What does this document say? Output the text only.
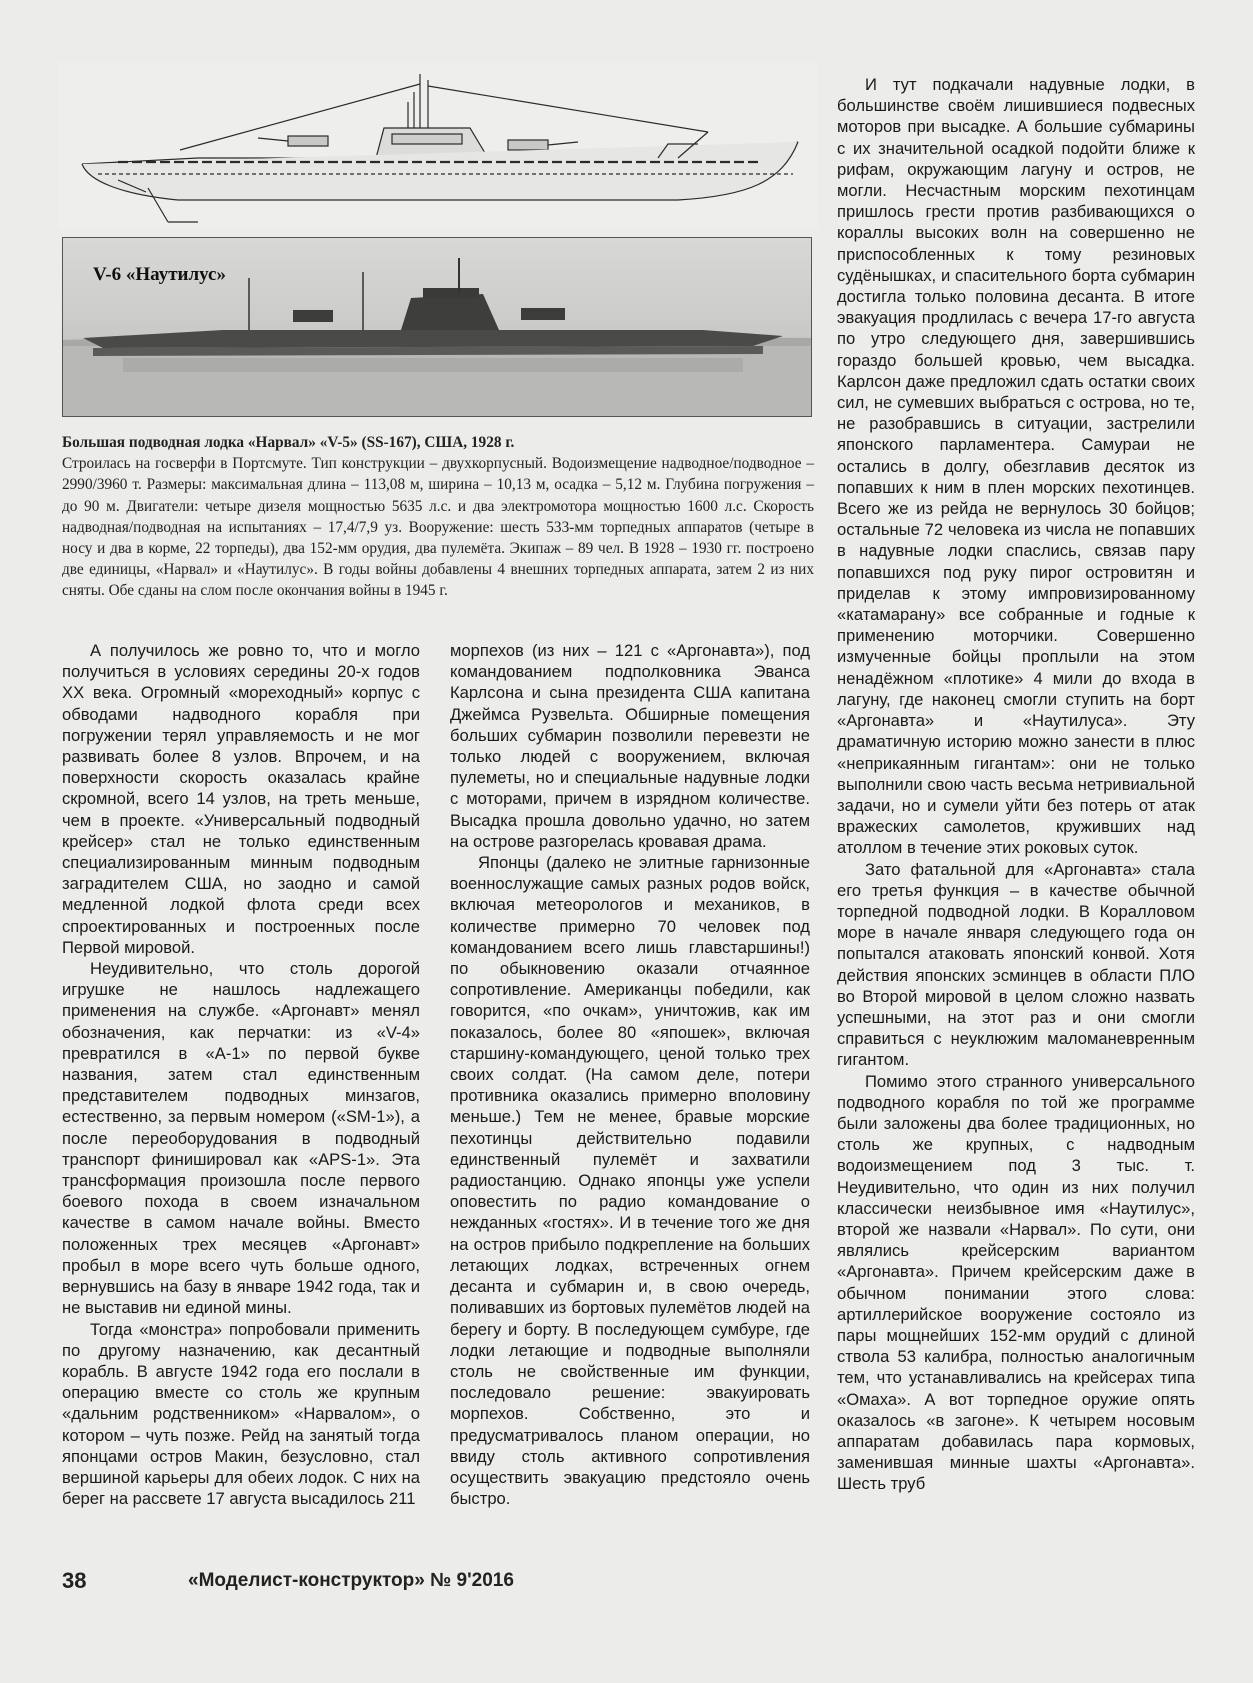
V-6 «Наутилус»
Большая подводная лодка «Нарвал» «V-5» (SS-167), США, 1928 г.
Строилась на госверфи в Портсмуте. Тип конструкции – двухкорпусный. Водоизмещение надводное/подводное – 2990/3960 т. Размеры: максимальная длина – 113,08 м, ширина – 10,13 м, осадка – 5,12 м. Глубина погружения – до 90 м. Двигатели: четыре дизеля мощностью 5635 л.с. и два электромотора мощностью 1600 л.с. Скорость надводная/подводная на испытаниях – 17,4/7,9 уз. Вооружение: шесть 533-мм торпедных аппаратов (четыре в носу и два в корме, 22 торпеды), два 152-мм орудия, два пулемёта. Экипаж – 89 чел. В 1928 – 1930 гг. построено две единицы, «Нарвал» и «Наутилус». В годы войны добавлены 4 внешних торпедных аппарата, затем 2 из них сняты. Обе сданы на слом после окончания войны в 1945 г.

А получилось же ровно то, что и могло получиться в условиях середины 20-х годов XX века. Огромный «мореходный» корпус с обводами надводного корабля при погружении терял управляемость и не мог развивать более 8 узлов. Впрочем, и на поверхности скорость оказалась крайне скромной, всего 14 узлов, на треть меньше, чем в проекте. «Универсальный подводный крейсер» стал не только единственным специализированным минным подводным заградителем США, но заодно и самой медленной лодкой флота среди всех спроектированных и построенных после Первой мировой.

Неудивительно, что столь дорогой игрушке не нашлось надлежащего применения на службе. «Аргонавт» менял обозначения, как перчатки: из «V-4» превратился в «А-1» по первой букве названия, затем стал единственным представителем подводных минзагов, естественно, за первым номером («SM-1»), а после переоборудования в подводный транспорт финишировал как «APS-1». Эта трансформация произошла после первого боевого похода в своем изначальном качестве в самом начале войны. Вместо положенных трех месяцев «Аргонавт» пробыл в море всего чуть больше одного, вернувшись на базу в январе 1942 года, так и не выставив ни единой мины.

Тогда «монстра» попробовали применить по другому назначению, как десантный корабль. В августе 1942 года его послали в операцию вместе со столь же крупным «дальним родственником» «Нарвалом», о котором – чуть позже. Рейд на занятый тогда японцами остров Макин, безусловно, стал вершиной карьеры для обеих лодок. С них на берег на рассвете 17 августа высадилось 211

морпехов (из них – 121 с «Аргонавта»), под командованием подполковника Эванса Карлсона и сына президента США капитана Джеймса Рузвельта. Обширные помещения больших субмарин позволили перевезти не только людей с вооружением, включая пулеметы, но и специальные надувные лодки с моторами, причем в изрядном количестве. Высадка прошла довольно удачно, но затем на острове разгорелась кровавая драма.

Японцы (далеко не элитные гарнизонные военнослужащие самых разных родов войск, включая метеорологов и механиков, в количестве примерно 70 человек под командованием всего лишь главстаршины!) по обыкновению оказали отчаянное сопротивление. Американцы победили, как говорится, «по очкам», уничтожив, как им показалось, более 80 «япошек», включая старшину-командующего, ценой только трех своих солдат. (На самом деле, потери противника оказались примерно вполовину меньше.) Тем не менее, бравые морские пехотинцы действительно подавили единственный пулемёт и захватили радиостанцию. Однако японцы уже успели оповестить по радио командование о нежданных «гостях». И в течение того же дня на остров прибыло подкрепление на больших летающих лодках, встреченных огнем десанта и субмарин и, в свою очередь, поливавших из бортовых пулемётов людей на берегу и борту. В последующем сумбуре, где лодки летающие и подводные выполняли столь не свойственные им функции, последовало решение: эвакуировать морпехов. Собственно, это и предусматривалось планом операции, но ввиду столь активного сопротивления осуществить эвакуацию предстояло очень быстро.

И тут подкачали надувные лодки, в большинстве своём лишившиеся подвесных моторов при высадке. А большие субмарины с их значительной осадкой подойти ближе к рифам, окружающим лагуну и остров, не могли. Несчастным морским пехотинцам пришлось грести против разбивающихся о кораллы высоких волн на совершенно не приспособленных к тому резиновых судёнышках, и спасительного борта субмарин достигла только половина десанта. В итоге эвакуация продлилась с вечера 17-го августа по утро следующего дня, завершившись гораздо большей кровью, чем высадка. Карлсон даже предложил сдать остатки своих сил, не сумевших выбраться с острова, но те, не разобравшись в ситуации, застрелили японского парламентера. Самураи не остались в долгу, обезглавив десяток из попавших к ним в плен морских пехотинцев. Всего же из рейда не вернулось 30 бойцов; остальные 72 человека из числа не попавших в надувные лодки спаслись, связав пару попавшихся под руку пирог островитян и приделав к этому импровизированному «катамарану» все собранные и годные к применению моторчики. Совершенно измученные бойцы проплыли на этом ненадёжном «плотике» 4 мили до входа в лагуну, где наконец смогли ступить на борт «Аргонавта» и «Наутилуса». Эту драматичную историю можно занести в плюс «неприкаянным гигантам»: они не только выполнили свою часть весьма нетривиальной задачи, но и сумели уйти без потерь от атак вражеских самолетов, круживших над атоллом в течение этих роковых суток.

Зато фатальной для «Аргонавта» стала его третья функция – в качестве обычной торпедной подводной лодки. В Коралловом море в начале января следующего года он попытался атаковать японский конвой. Хотя действия японских эсминцев в области ПЛО во Второй мировой в целом сложно назвать успешными, на этот раз и они смогли справиться с неуклюжим маломаневренным гигантом.

Помимо этого странного универсального подводного корабля по той же программе были заложены два более традиционных, но столь же крупных, с надводным водоизмещением под 3 тыс. т. Неудивительно, что один из них получил классически неизбывное имя «Наутилус», второй же назвали «Нарвал». По сути, они являлись крейсерским вариантом «Аргонавта». Причем крейсерским даже в обычном понимании этого слова: артиллерийское вооружение состояло из пары мощнейших 152-мм орудий с длиной ствола 53 калибра, полностью аналогичным тем, что устанавливались на крейсерах типа «Омаха». А вот торпедное оружие опять оказалось «в загоне». К четырем носовым аппаратам добавилась пара кормовых, заменившая минные шахты «Аргонавта». Шесть труб

38	«Моделист-конструктор» № 9'2016
